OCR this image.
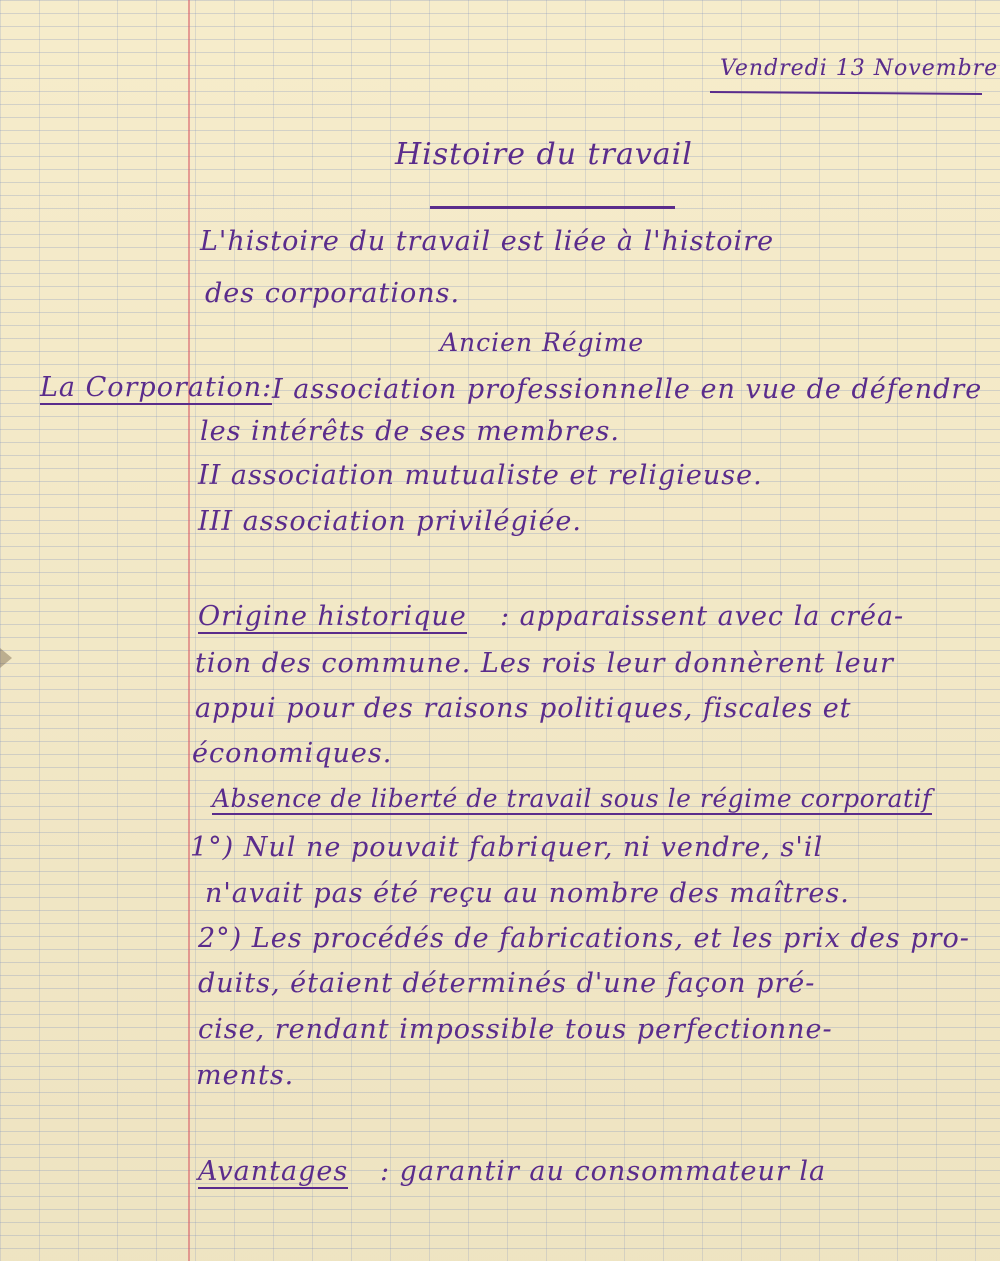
Vendredi 13 Novembre
Histoire du travail
L'histoire du travail est liée à l'histoire
des corporations.
Ancien Régime
La Corporation: I association professionnelle en vue de défendre
les intérêts de ses membres.
II association mutualiste et religieuse.
III association privilégiée.
Origine historique : apparaissent avec la créa-
tion des commune. Les rois leur donnèrent leur
appui pour des raisons politiques, fiscales et
économiques.
Absence de liberté de travail sous le régime corporatif
1°) Nul ne pouvait fabriquer, ni vendre, s'il
n'avait pas été reçu au nombre des maîtres.
2°) Les procédés de fabrications, et les prix des pro-
duits, étaient déterminés d'une façon pré-
cise, rendant impossible tous perfectionne-
ments.
Avantages : garantir au consommateur la
